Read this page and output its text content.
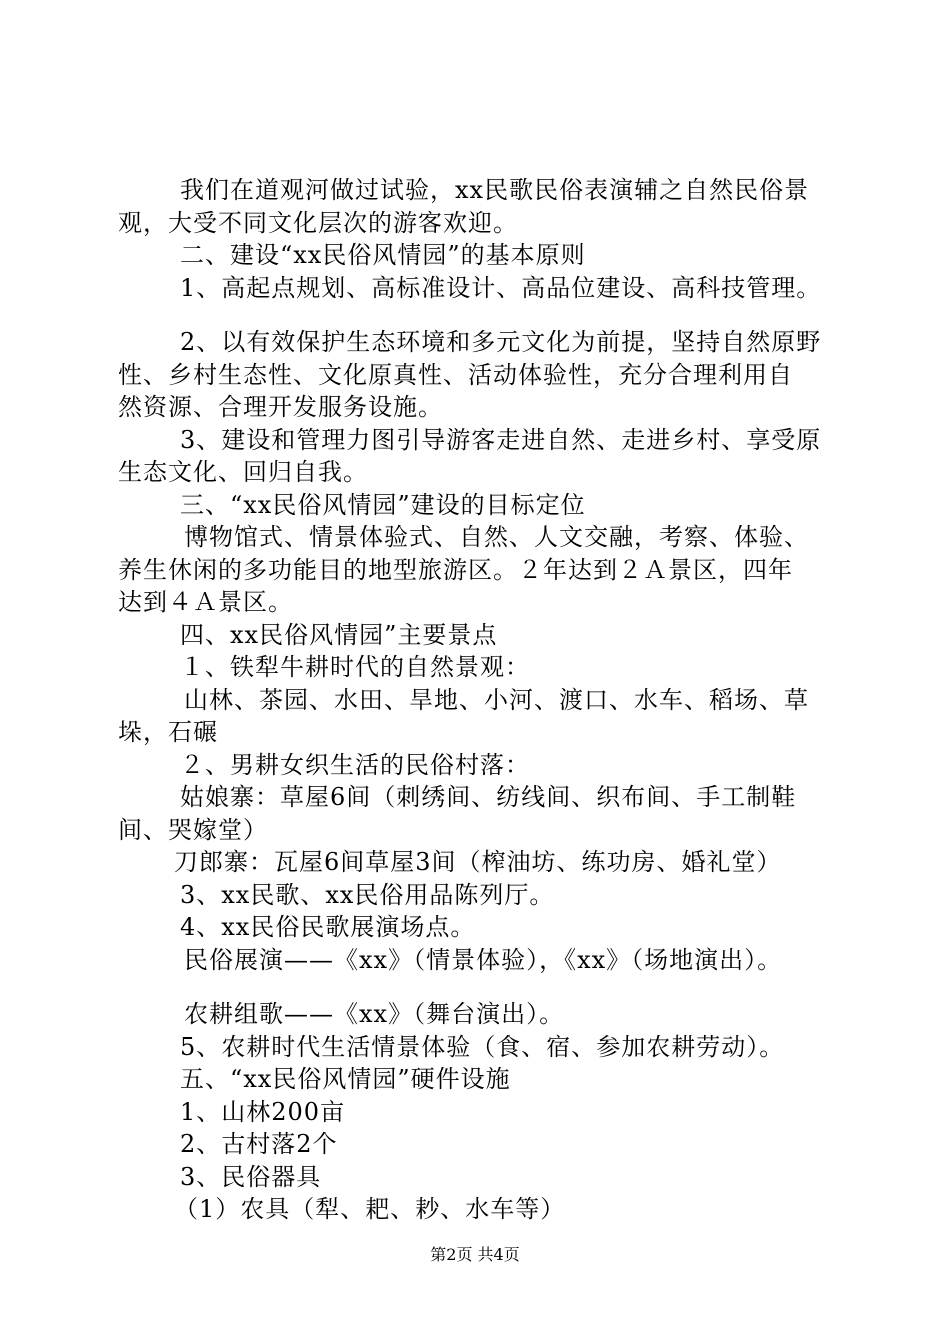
我们在道观河做过试验，xx民歌民俗表演辅之自然民俗景
观，大受不同文化层次的游客欢迎。
二、建设“xx民俗风情园”的基本原则
1、高起点规划、高标准设计、高品位建设、高科技管理。
2、以有效保护生态环境和多元文化为前提，坚持自然原野
性、乡村生态性、文化原真性、活动体验性，充分合理利用自
然资源、合理开发服务设施。
3、建设和管理力图引导游客走进自然、走进乡村、享受原
生态文化、回归自我。
三、“xx民俗风情园”建设的目标定位
博物馆式、情景体验式、自然、人文交融，考察、体验、
养生休闲的多功能目的地型旅游区。２年达到２Ａ景区，四年
达到４Ａ景区。
四、xx民俗风情园”主要景点
１、铁犁牛耕时代的自然景观：
山林、茶园、水田、旱地、小河、渡口、水车、稻场、草
垛，石碾
２、男耕女织生活的民俗村落：
姑娘寨：草屋6间（刺绣间、纺线间、织布间、手工制鞋
间、哭嫁堂）
刀郎寨：瓦屋6间草屋3间（榨油坊、练功房、婚礼堂）
3、xx民歌、xx民俗用品陈列厅。
4、xx民俗民歌展演场点。
民俗展演——《xx》（情景体验），《xx》（场地演出）。
农耕组歌——《xx》（舞台演出）。
5、农耕时代生活情景体验（食、宿、参加农耕劳动）。
五、“xx民俗风情园”硬件设施
1、山林200亩
2、古村落2个
3、民俗器具
（1）农具（犁、耙、耖、水车等）
第2页 共4页
